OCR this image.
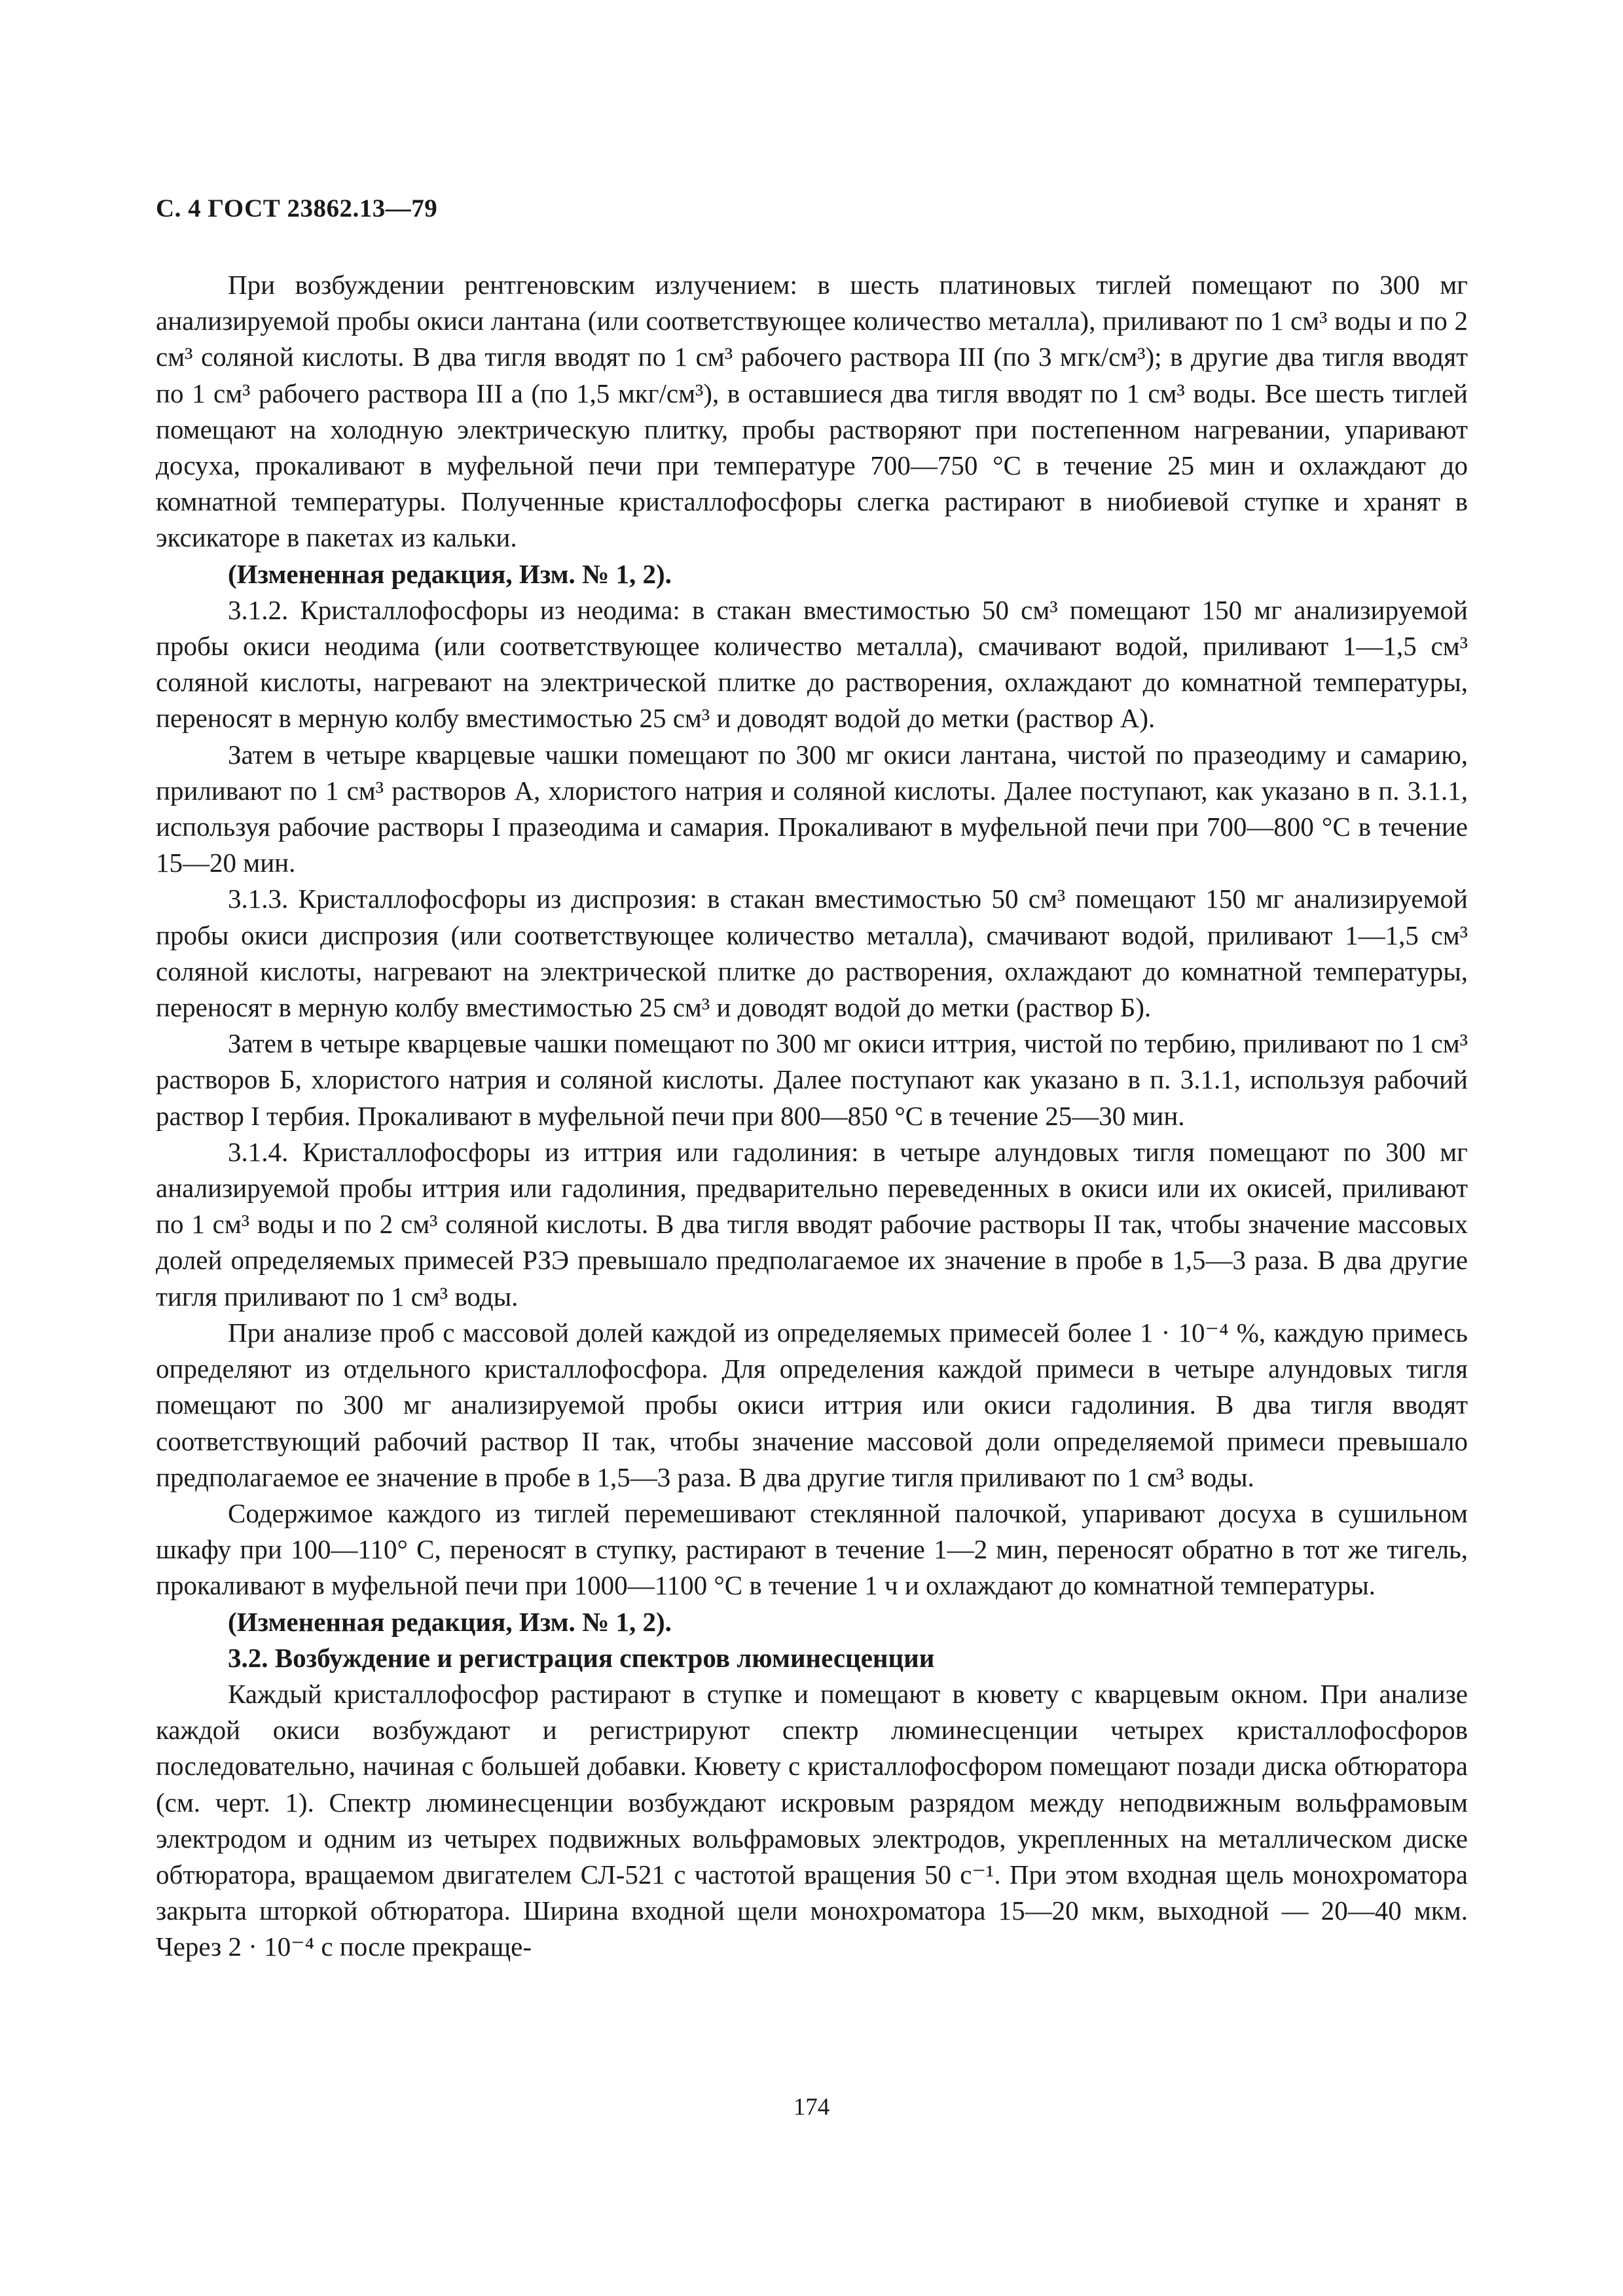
С. 4 ГОСТ 23862.13—79

При возбуждении рентгеновским излучением: в шесть платиновых тиглей помещают по 300 мг анализируемой пробы окиси лантана (или соответствующее количество металла), приливают по 1 см³ воды и по 2 см³ соляной кислоты. В два тигля вводят по 1 см³ рабочего раствора III (по 3 мгк/см³); в другие два тигля вводят по 1 см³ рабочего раствора III а (по 1,5 мкг/см³), в оставшиеся два тигля вводят по 1 см³ воды. Все шесть тиглей помещают на холодную электрическую плитку, пробы растворяют при постепенном нагревании, упаривают досуха, прокаливают в муфельной печи при температуре 700—750 °С в течение 25 мин и охлаждают до комнатной температуры. Полученные кристаллофосфоры слегка растирают в ниобиевой ступке и хранят в эксикаторе в пакетах из кальки.

(Измененная редакция, Изм. № 1, 2).

3.1.2. Кристаллофосфоры из неодима: в стакан вместимостью 50 см³ помещают 150 мг анализируемой пробы окиси неодима (или соответствующее количество металла), смачивают водой, приливают 1—1,5 см³ соляной кислоты, нагревают на электрической плитке до растворения, охлаждают до комнатной температуры, переносят в мерную колбу вместимостью 25 см³ и доводят водой до метки (раствор А).

Затем в четыре кварцевые чашки помещают по 300 мг окиси лантана, чистой по празеодиму и самарию, приливают по 1 см³ растворов А, хлористого натрия и соляной кислоты. Далее поступают, как указано в п. 3.1.1, используя рабочие растворы I празеодима и самария. Прокаливают в муфельной печи при 700—800 °С в течение 15—20 мин.

3.1.3. Кристаллофосфоры из диспрозия: в стакан вместимостью 50 см³ помещают 150 мг анализируемой пробы окиси диспрозия (или соответствующее количество металла), смачивают водой, приливают 1—1,5 см³ соляной кислоты, нагревают на электрической плитке до растворения, охлаждают до комнатной температуры, переносят в мерную колбу вместимостью 25 см³ и доводят водой до метки (раствор Б).

Затем в четыре кварцевые чашки помещают по 300 мг окиси иттрия, чистой по тербию, приливают по 1 см³ растворов Б, хлористого натрия и соляной кислоты. Далее поступают как указано в п. 3.1.1, используя рабочий раствор I тербия. Прокаливают в муфельной печи при 800—850 °С в течение 25—30 мин.

3.1.4. Кристаллофосфоры из иттрия или гадолиния: в четыре алундовых тигля помещают по 300 мг анализируемой пробы иттрия или гадолиния, предварительно переведенных в окиси или их окисей, приливают по 1 см³ воды и по 2 см³ соляной кислоты. В два тигля вводят рабочие растворы II так, чтобы значение массовых долей определяемых примесей РЗЭ превышало предполагаемое их значение в пробе в 1,5—3 раза. В два другие тигля приливают по 1 см³ воды.

При анализе проб с массовой долей каждой из определяемых примесей более 1 · 10⁻⁴ %, каждую примесь определяют из отдельного кристаллофосфора. Для определения каждой примеси в четыре алундовых тигля помещают по 300 мг анализируемой пробы окиси иттрия или окиси гадолиния. В два тигля вводят соответствующий рабочий раствор II так, чтобы значение массовой доли определяемой примеси превышало предполагаемое ее значение в пробе в 1,5—3 раза. В два другие тигля приливают по 1 см³ воды.

Содержимое каждого из тиглей перемешивают стеклянной палочкой, упаривают досуха в сушильном шкафу при 100—110° С, переносят в ступку, растирают в течение 1—2 мин, переносят обратно в тот же тигель, прокаливают в муфельной печи при 1000—1100 °С в течение 1 ч и охлаждают до комнатной температуры.

(Измененная редакция, Изм. № 1, 2).

3.2. Возбуждение и регистрация спектров люминесценции

Каждый кристаллофосфор растирают в ступке и помещают в кювету с кварцевым окном. При анализе каждой окиси возбуждают и регистрируют спектр люминесценции четырех кристаллофосфоров последовательно, начиная с большей добавки. Кювету с кристаллофосфором помещают позади диска обтюратора (см. черт. 1). Спектр люминесценции возбуждают искровым разрядом между неподвижным вольфрамовым электродом и одним из четырех подвижных вольфрамовых электродов, укрепленных на металлическом диске обтюратора, вращаемом двигателем СЛ-521 с частотой вращения 50 с⁻¹. При этом входная щель монохроматора закрыта шторкой обтюратора. Ширина входной щели монохроматора 15—20 мкм, выходной — 20—40 мкм. Через 2 · 10⁻⁴ с после прекраще-

174
